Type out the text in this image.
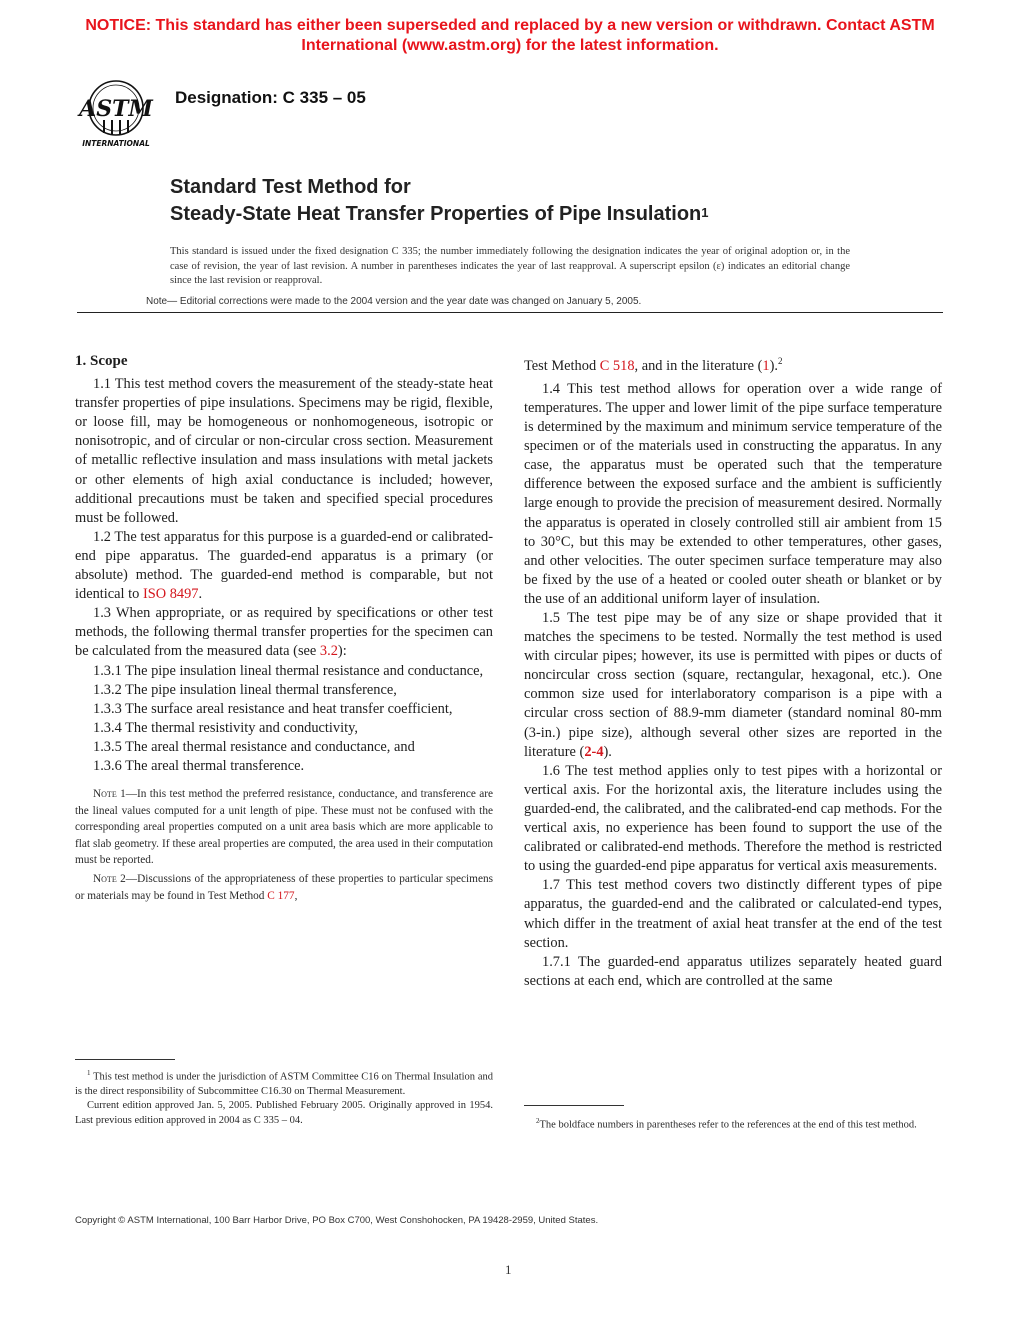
NOTICE: This standard has either been superseded and replaced by a new version or withdrawn. Contact ASTM International (www.astm.org) for the latest information.
ASTM
INTERNATIONAL
Designation: C 335 – 05
Standard Test Method for
Steady-State Heat Transfer Properties of Pipe Insulation$^1$
This standard is issued under the fixed designation C 335; the number immediately following the designation indicates the year of original adoption or, in the case of revision, the year of last revision. A number in parentheses indicates the year of last reapproval. A superscript epsilon (ε) indicates an editorial change since the last revision or reapproval.
Note— Editorial corrections were made to the 2004 version and the year date was changed on January 5, 2005.
1. Scope

1.1 This test method covers the measurement of the steady-state heat transfer properties of pipe insulations. Specimens may be rigid, flexible, or loose fill, may be homogeneous or nonhomogeneous, isotropic or nonisotropic, and of circular or non-circular cross section. Measurement of metallic reflective insulation and mass insulations with metal jackets or other elements of high axial conductance is included; however, additional precautions must be taken and specified special procedures must be followed.

1.2 The test apparatus for this purpose is a guarded-end or calibrated-end pipe apparatus. The guarded-end apparatus is a primary (or absolute) method. The guarded-end method is comparable, but not identical to ISO 8497.

1.3 When appropriate, or as required by specifications or other test methods, the following thermal transfer properties for the specimen can be calculated from the measured data (see 3.2):

1.3.1 The pipe insulation lineal thermal resistance and conductance,

1.3.2 The pipe insulation lineal thermal transference,

1.3.3 The surface areal resistance and heat transfer coefficient,

1.3.4 The thermal resistivity and conductivity,

1.3.5 The areal thermal resistance and conductance, and

1.3.6 The areal thermal transference.

Note 1—In this test method the preferred resistance, conductance, and transference are the lineal values computed for a unit length of pipe. These must not be confused with the corresponding areal properties computed on a unit area basis which are more applicable to flat slab geometry. If these areal properties are computed, the area used in their computation must be reported.

Note 2—Discussions of the appropriateness of these properties to particular specimens or materials may be found in Test Method C 177,

Test Method C 518, and in the literature (1).$^2$

1.4 This test method allows for operation over a wide range of temperatures. The upper and lower limit of the pipe surface temperature is determined by the maximum and minimum service temperature of the specimen or of the materials used in constructing the apparatus. In any case, the apparatus must be operated such that the temperature difference between the exposed surface and the ambient is sufficiently large enough to provide the precision of measurement desired. Normally the apparatus is operated in closely controlled still air ambient from 15 to 30°C, but this may be extended to other temperatures, other gases, and other velocities. The outer specimen surface temperature may also be fixed by the use of a heated or cooled outer sheath or blanket or by the use of an additional uniform layer of insulation.

1.5 The test pipe may be of any size or shape provided that it matches the specimens to be tested. Normally the test method is used with circular pipes; however, its use is permitted with pipes or ducts of noncircular cross section (square, rectangular, hexagonal, etc.). One common size used for interlaboratory comparison is a pipe with a circular cross section of 88.9-mm diameter (standard nominal 80-mm (3-in.) pipe size), although several other sizes are reported in the literature (2-4).

1.6 The test method applies only to test pipes with a horizontal or vertical axis. For the horizontal axis, the literature includes using the guarded-end, the calibrated, and the calibrated-end cap methods. For the vertical axis, no experience has been found to support the use of the calibrated or calibrated-end methods. Therefore the method is restricted to using the guarded-end pipe apparatus for vertical axis measurements.

1.7 This test method covers two distinctly different types of pipe apparatus, the guarded-end and the calibrated or calculated-end types, which differ in the treatment of axial heat transfer at the end of the test section.

1.7.1 The guarded-end apparatus utilizes separately heated guard sections at each end, which are controlled at the same

$^1$ This test method is under the jurisdiction of ASTM Committee C16 on Thermal Insulation and is the direct responsibility of Subcommittee C16.30 on Thermal Measurement.

Current edition approved Jan. 5, 2005. Published February 2005. Originally approved in 1954. Last previous edition approved in 2004 as C 335 – 04.	$^2$The boldface numbers in parentheses refer to the references at the end of this test method.

Copyright © ASTM International, 100 Barr Harbor Drive, PO Box C700, West Conshohocken, PA 19428-2959, United States.
1
